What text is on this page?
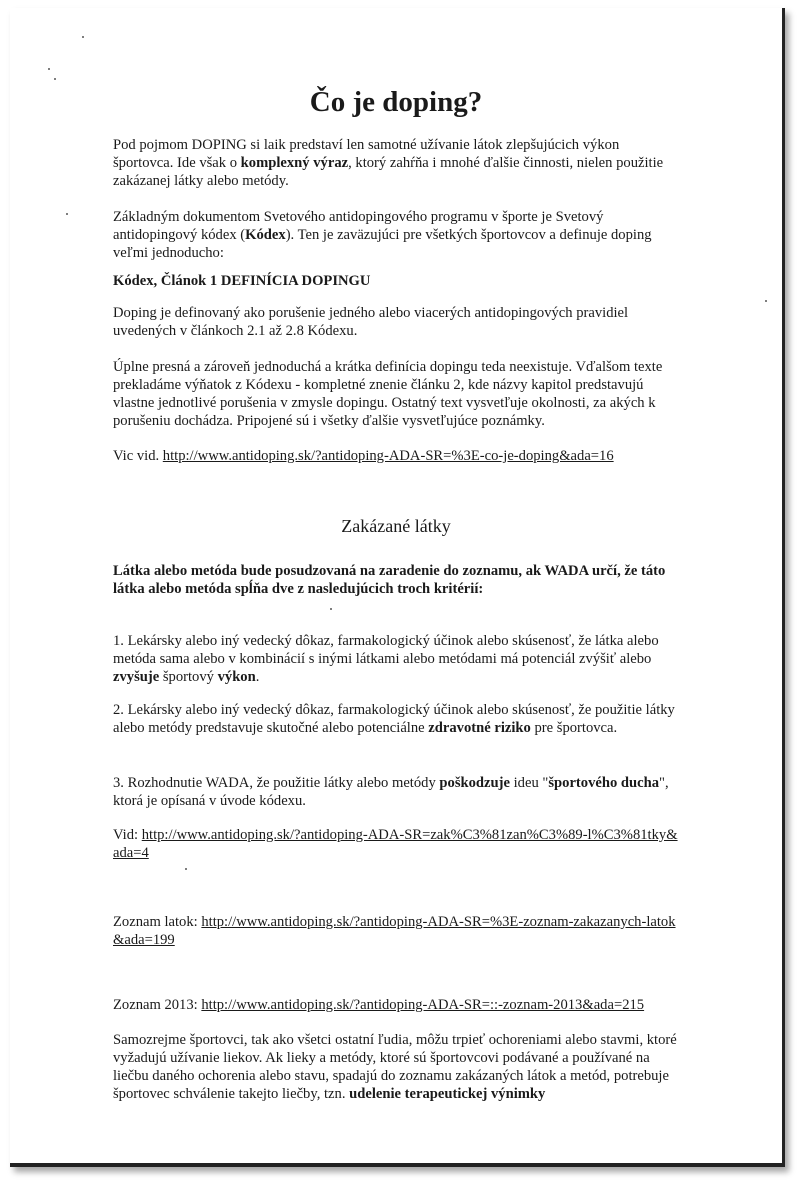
Čo je doping?

Pod pojmom DOPING si laik predstaví len samotné užívanie látok zlepšujúcich výkon športovca. Ide však o komplexný výraz, ktorý zahŕňa i mnohé ďalšie činnosti, nielen použitie zakázanej látky alebo metódy.

Základným dokumentom Svetového antidopingového programu v športe je Svetový antidopingový kódex (Kódex). Ten je zaväzujúci pre všetkých športovcov a definuje doping veľmi jednoducho:

Kódex, Článok 1 DEFINÍCIA DOPINGU

Doping je definovaný ako porušenie jedného alebo viacerých antidopingových pravidiel uvedených v článkoch 2.1 až 2.8 Kódexu.

Úplne presná a zároveň jednoduchá a krátka definícia dopingu teda neexistuje. Vďalšom texte prekladáme výňatok z Kódexu - kompletné znenie článku 2, kde názvy kapitol predstavujú vlastne jednotlivé porušenia v zmysle dopingu. Ostatný text vysvetľuje okolnosti, za akých k porušeniu dochádza. Pripojené sú i všetky ďalšie vysvetľujúce poznámky.

Vic vid. http://www.antidoping.sk/?antidoping-ADA-SR=%3E-co-je-doping&ada=16

Zakázané látky

Látka alebo metóda bude posudzovaná na zaradenie do zoznamu, ak WADA určí, že táto látka alebo metóda spĺňa dve z nasledujúcich troch kritérií:

1. Lekársky alebo iný vedecký dôkaz, farmakologický účinok alebo skúsenosť, že látka alebo metóda sama alebo v kombinácií s inými látkami alebo metódami má potenciál zvýšiť alebo zvyšuje športový výkon.

2. Lekársky alebo iný vedecký dôkaz, farmakologický účinok alebo skúsenosť, že použitie látky alebo metódy predstavuje skutočné alebo potenciálne zdravotné riziko pre športovca.

3. Rozhodnutie WADA, že použitie látky alebo metódy poškodzuje ideu "športového ducha", ktorá je opísaná v úvode kódexu.

Vid: http://www.antidoping.sk/?antidoping-ADA-SR=zak%C3%81zan%C3%89-l%C3%81tky&ada=4

Zoznam latok: http://www.antidoping.sk/?antidoping-ADA-SR=%3E-zoznam-zakazanych-latok&ada=199

Zoznam 2013: http://www.antidoping.sk/?antidoping-ADA-SR=::-zoznam-2013&ada=215

Samozrejme športovci, tak ako všetci ostatní ľudia, môžu trpieť ochoreniami alebo stavmi, ktoré vyžadujú užívanie liekov. Ak lieky a metódy, ktoré sú športovcovi podávané a používané na liečbu daného ochorenia alebo stavu, spadajú do zoznamu zakázaných látok a metód, potrebuje športovec schválenie takejto liečby, tzn. udelenie terapeutickej výnimky
